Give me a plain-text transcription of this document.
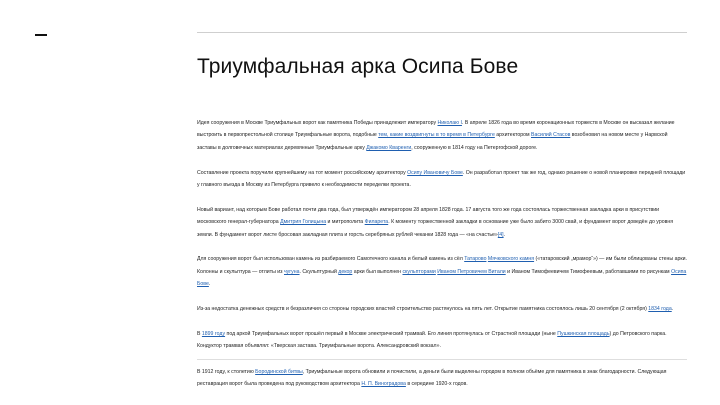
Триумфальная арка Осипа Бове

Идея сооружения в Москве Триумфальных ворот как памятника Победы принадлежит императору Николаю I. В апреле 1826 года во время коронационных торжеств в Москве он высказал желание выстроить в первопрестольной столице Триумфальные ворота, подобные тем, какие воздвигнуты в то время в Петербурге архитектором Василий Стасов возобновил на новом месте у Нарвской заставы в долговечных материалах деревянные Триумфальные арку Джакомо Кваренги, сооруженную в 1814 году на Петергофской дороге.

Составление проекта поручили крупнейшему на тот момент российскому архитектору Осипу Ивановичу Бове. Он разработал проект так же год, однако решение о новой планировке передней площади у главного въезда в Москву из Петербурга привело к необходимости переделки проекта.

Новый вариант, над которым Бове работал почти два года, был утверждён императором 28 апреля 1828 года. 17 августа того же года состоялась торжественная закладка арки в присутствии московского генерал-губернатора Дмитрия Голицына и митрополита Филарета. К моменту торжественной закладки в основание уже было забито 3000 свай, и фундамент ворот доведён до уровня земли. В фундамент ворот листе бросовая закладная плита и горсть серебряных рублей чеканки 1828 года — «на счастье»[4].

Для сооружения ворот был использован камень из разбираемого Самотечного канала и белый камень из сёл Татарово Мячковского камня («татаровский „мрамор“») — им были облицованы стены арки. Колонны и скульптура — отлиты из чугуна. Скульптурный декор арки был выполнен скульпторами Иваном Петровичем Витали и Иваном Тимофеевичем Тимофеевым, работавшими по рисункам Осипа Бове.

Из-за недостатка денежных средств и безразличия со стороны городских властей строительство растянулось на пять лет. Открытие памятника состоялось лишь 20 сентября (2 октября) 1834 года.

В 1899 году под аркой Триумфальных ворот прошёл первый в Москве электрический трамвай. Его линия протянулась от Страстной площади (ныне Пушкинская площадь) до Петровского парка. Кондуктор трамвая объявлял: «Тверская застава. Триумфальные ворота. Александровский вокзал».

В 1912 году, к столетию Бородинской битвы, Триумфальные ворота обновили и почистили, а деньги были выделены городом в полном объёме для памятника в знак благодарности. Следующая реставрация ворот была проведена под руководством архитектора Н. П. Виноградова в середине 1920-х годов.
